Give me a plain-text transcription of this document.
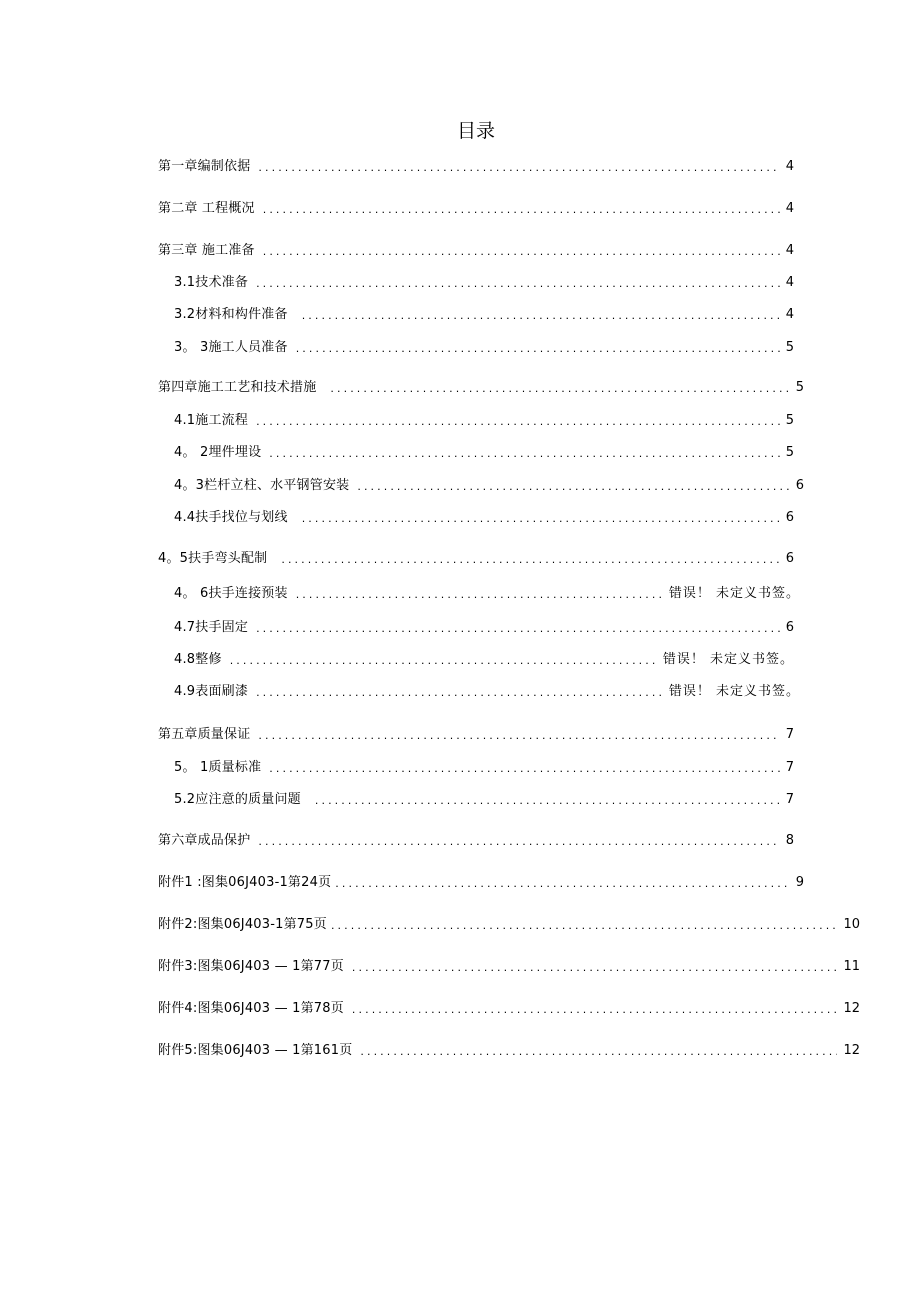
目录
第一章编制依据 .....	4
第二章 工程概况 .....	4
第三章 施工准备 .....	4
3.1技术准备 .....	4
3.2材料和构件准备 .....	4
3。 3施工人员准备 .....	5
第四章施工工艺和技术措施 .....	5
4.1施工流程 .....	5
4。 2埋件埋设 .....	5
4。3栏杆立柱、水平钢管安装 .....	6
4.4扶手找位与划线 .....	6
4。5扶手弯头配制 .....	6
4。 6扶手连接预装 .....	错误！ 未定义书签。
4.7扶手固定 .....	6
4.8整修 .....	错误！ 未定义书签。
4.9表面刷漆 .....	错误！ 未定义书签。
第五章质量保证 .....	7
5。 1质量标准 .....	7
5.2应注意的质量问题 .....	7
第六章成品保护 .....	8
附件1 :图集06J403-1第24页 .....	9
附件2:图集06J403-1第75页 .....	10
附件3:图集06J403 — 1第77页 .....	11
附件4:图集06J403 — 1第78页 .....	12
附件5:图集06J403 — 1第161页 .....	12
